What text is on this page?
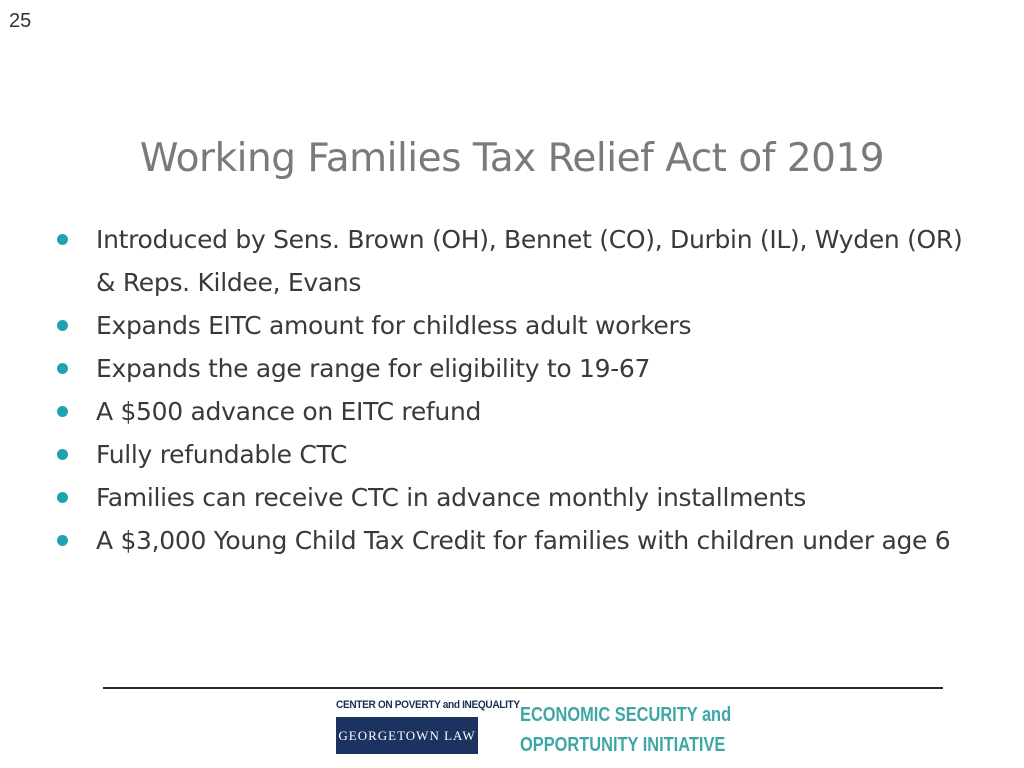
25
Working Families Tax Relief Act of 2019
Introduced by Sens. Brown (OH), Bennet (CO), Durbin (IL), Wyden (OR) & Reps. Kildee, Evans
Expands EITC amount for childless adult workers
Expands the age range for eligibility to 19-67
A $500 advance on EITC refund
Fully refundable CTC
Families can receive CTC in advance monthly installments
A $3,000 Young Child Tax Credit for families with children under age 6
CENTER ON POVERTY and INEQUALITY
GEORGETOWN LAW
ECONOMIC SECURITY and
OPPORTUNITY INITIATIVE
